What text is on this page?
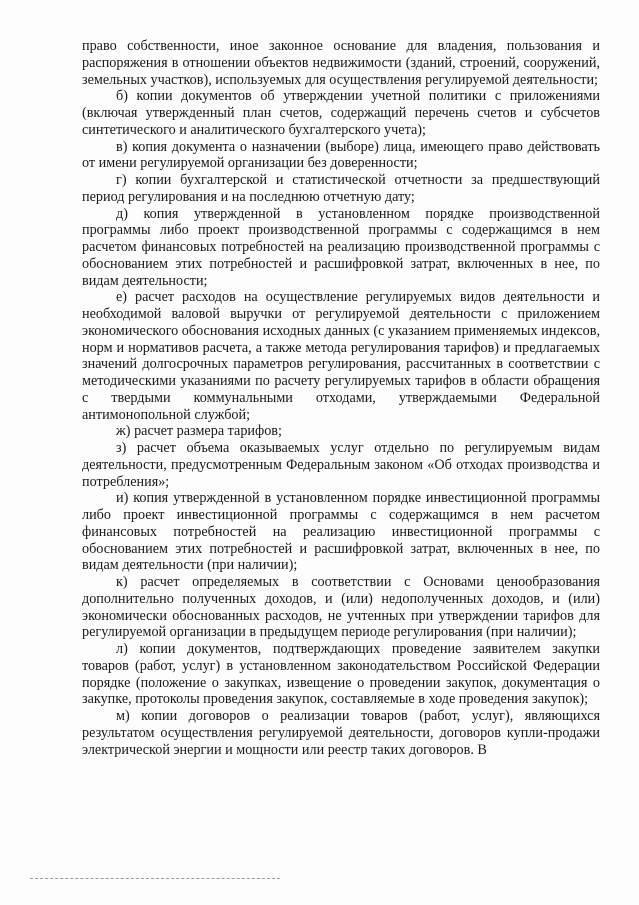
право собственности, иное законное основание для владения, пользования и распоряжения в отношении объектов недвижимости (зданий, строений, сооружений, земельных участков), используемых для осуществления регулируемой деятельности;

б) копии документов об утверждении учетной политики с приложениями (включая утвержденный план счетов, содержащий перечень счетов и субсчетов синтетического и аналитического бухгалтерского учета);

в) копия документа о назначении (выборе) лица, имеющего право действовать от имени регулируемой организации без доверенности;

г) копии бухгалтерской и статистической отчетности за предшествующий период регулирования и на последнюю отчетную дату;

д) копия утвержденной в установленном порядке производственной программы либо проект производственной программы с содержащимся в нем расчетом финансовых потребностей на реализацию производственной программы с обоснованием этих потребностей и расшифровкой затрат, включенных в нее, по видам деятельности;

е) расчет расходов на осуществление регулируемых видов деятельности и необходимой валовой выручки от регулируемой деятельности с приложением экономического обоснования исходных данных (с указанием применяемых индексов, норм и нормативов расчета, а также метода регулирования тарифов) и предлагаемых значений долгосрочных параметров регулирования, рассчитанных в соответствии с методическими указаниями по расчету регулируемых тарифов в области обращения с твердыми коммунальными отходами, утверждаемыми Федеральной антимонопольной службой;

ж) расчет размера тарифов;

з) расчет объема оказываемых услуг отдельно по регулируемым видам деятельности, предусмотренным Федеральным законом «Об отходах производства и потребления»;

и) копия утвержденной в установленном порядке инвестиционной программы либо проект инвестиционной программы с содержащимся в нем расчетом финансовых потребностей на реализацию инвестиционной программы с обоснованием этих потребностей и расшифровкой затрат, включенных в нее, по видам деятельности (при наличии);

к) расчет определяемых в соответствии с Основами ценообразования дополнительно полученных доходов, и (или) недополученных доходов, и (или) экономически обоснованных расходов, не учтенных при утверждении тарифов для регулируемой организации в предыдущем периоде регулирования (при наличии);

л) копии документов, подтверждающих проведение заявителем закупки товаров (работ, услуг) в установленном законодательством Российской Федерации порядке (положение о закупках, извещение о проведении закупок, документация о закупке, протоколы проведения закупок, составляемые в ходе проведения закупок);

м) копии договоров о реализации товаров (работ, услуг), являющихся результатом осуществления регулируемой деятельности, договоров купли-продажи электрической энергии и мощности или реестр таких договоров. В
